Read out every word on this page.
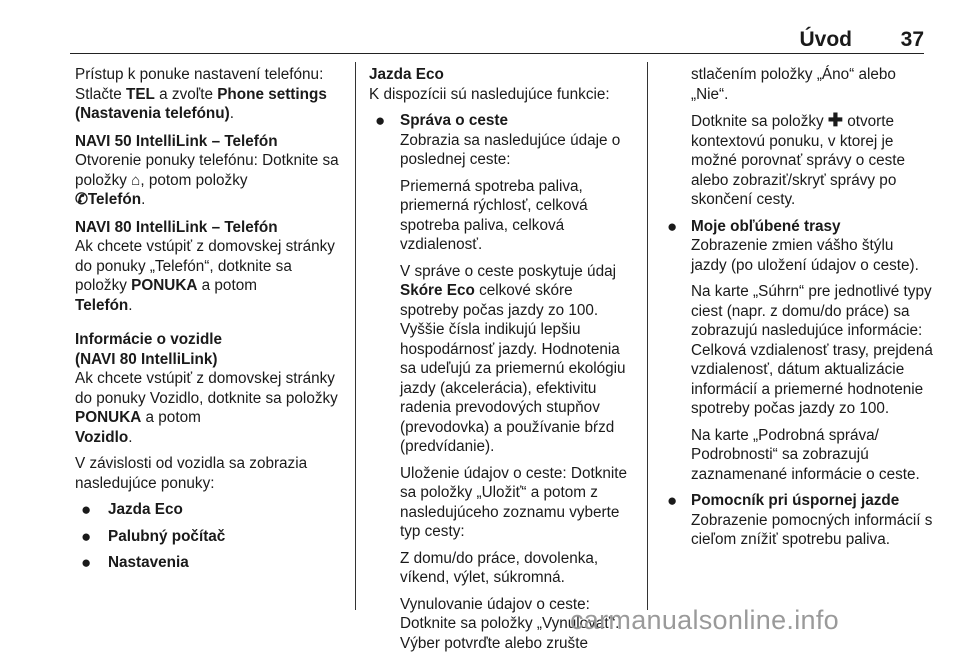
Úvod 37

Prístup k ponuke nastavení telefónu: Stlačte TEL a zvoľte Phone settings (Nastavenia telefónu).

NAVI 50 IntelliLink – Telefón

Otvorenie ponuky telefónu: Dotknite sa položky ⌂, potom položky
✆Telefón.

NAVI 80 IntelliLink – Telefón

Ak chcete vstúpiť z domovskej stránky do ponuky „Telefón“, dotknite sa položky PONUKA a potom
Telefón.

Informácie o vozidle
(NAVI 80 IntelliLink)

Ak chcete vstúpiť z domovskej stránky do ponuky Vozidlo, dotknite sa položky PONUKA a potom
Vozidlo.

V závislosti od vozidla sa zobrazia nasledujúce ponuky:

● Jazda Eco
● Palubný počítač
● Nastavenia
Jazda Eco

K dispozícii sú nasledujúce funkcie:

● Správa o ceste

Zobrazia sa nasledujúce údaje o poslednej ceste:

Priemerná spotreba paliva, priemerná rýchlosť, celková spotreba paliva, celková vzdialenosť.

V správe o ceste poskytuje údaj Skóre Eco celkové skóre spotreby počas jazdy zo 100. Vyššie čísla indikujú lepšiu hospodárnosť jazdy. Hodnotenia sa udeľujú za priemernú ekológiu jazdy (akcelerácia), efektivitu radenia prevodových stupňov (prevodovka) a používanie bŕzd (predvídanie).

Uloženie údajov o ceste: Dotknite sa položky „Uložiť“ a potom z nasledujúceho zoznamu vyberte typ cesty:

Z domu/do práce, dovolenka, víkend, výlet, súkromná.

Vynulovanie údajov o ceste: Dotknite sa položky „Vynulovať“. Výber potvrďte alebo zrušte

stlačením položky „Áno“ alebo „Nie“.

Dotknite sa položky ✚ otvorte kontextovú ponuku, v ktorej je možné porovnať správy o ceste alebo zobraziť/skryť správy po skončení cesty.

● Moje obľúbené trasy

Zobrazenie zmien vášho štýlu jazdy (po uložení údajov o ceste).

Na karte „Súhrn“ pre jednotlivé typy ciest (napr. z domu/do práce) sa zobrazujú nasledujúce informácie: Celková vzdialenosť trasy, prejdená vzdialenosť, dátum aktualizácie informácií a priemerné hodnotenie spotreby počas jazdy zo 100.

Na karte „Podrobná správa/ Podrobnosti“ sa zobrazujú zaznamenané informácie o ceste.

● Pomocník pri úspornej jazde

Zobrazenie pomocných informácií s cieľom znížiť spotrebu paliva.

carmanualsonline.info
